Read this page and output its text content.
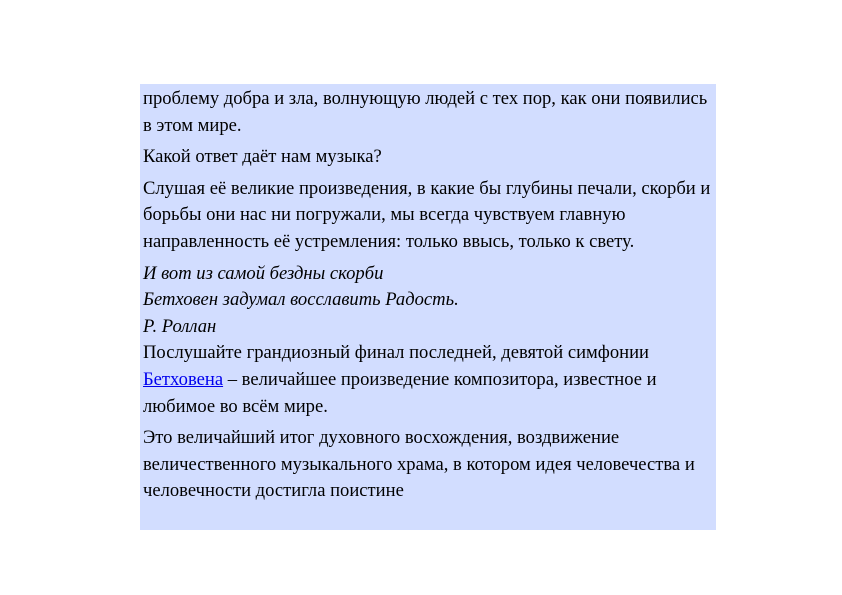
проблему добра и зла, волнующую людей с тех пор, как они появились в этом мире.

Какой ответ даёт нам музыка?

Слушая её великие произведения, в какие бы глубины печали, скорби и борьбы они нас ни погружали, мы всегда чувствуем главную направленность её устремления: только ввысь, только к свету.

И вот из самой бездны скорби

Бетховен задумал восславить Радость.

Р. Роллан

Послушайте грандиозный финал последней, девятой симфонии Бетховена – величайшее произведение композитора, известное и любимое во всём мире.

Это величайший итог духовного восхождения, воздвижение величественного музыкального храма, в котором идея человечества и человечности достигла поистине
